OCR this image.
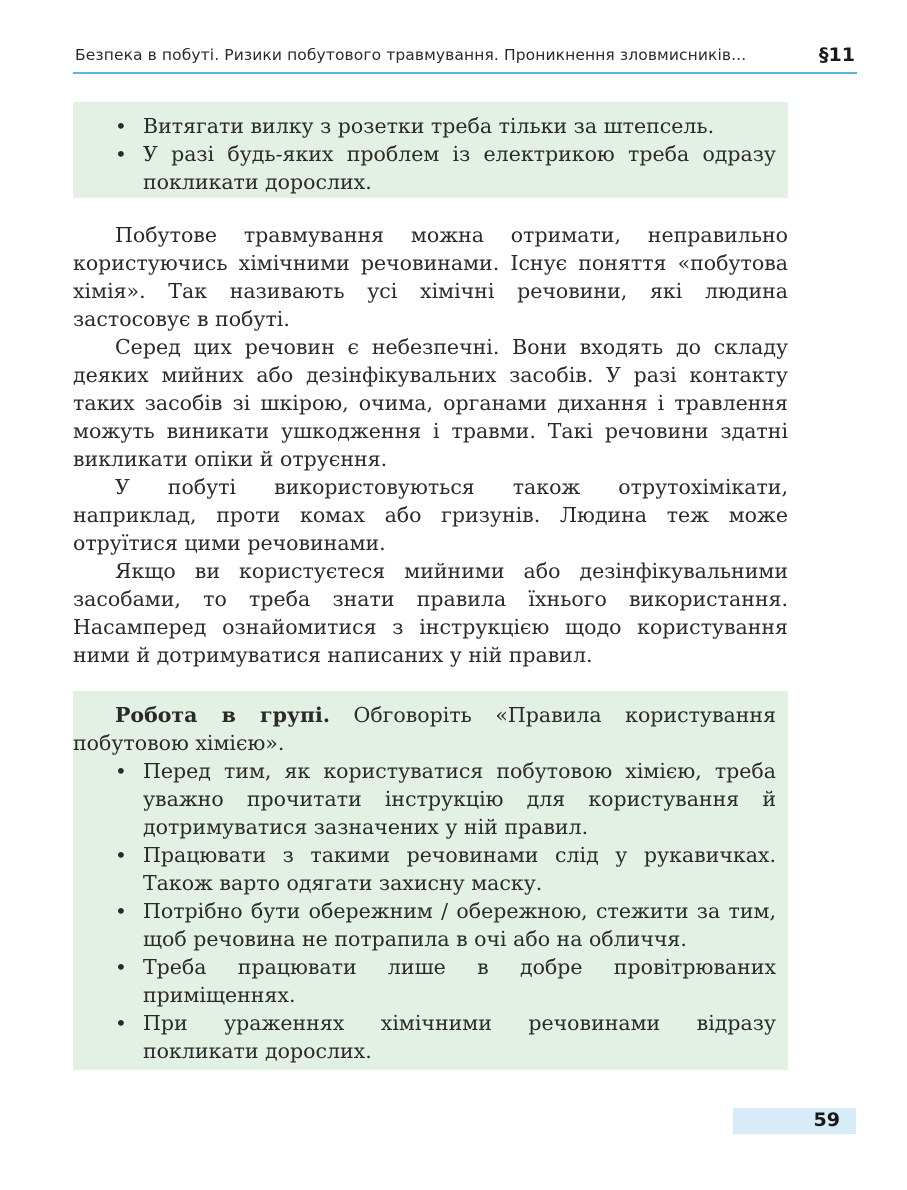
Безпека в побуті. Ризики побутового травмування. Проникнення зловмисників...	§11
• Витягати вилку з розетки треба тільки за штепсель.
• У разі будь-яких проблем із електрикою треба одразу покликати дорослих.

Побутове травмування можна отримати, неправильно користуючись хімічними речовинами. Існує поняття «побутова хімія». Так називають усі хімічні речовини, які людина застосовує в побуті.

Серед цих речовин є небезпечні. Вони входять до складу деяких мийних або дезінфікувальних засобів. У разі контакту таких засобів зі шкірою, очима, органами дихання і травлення можуть виникати ушкодження і травми. Такі речовини здатні викликати опіки й отруєння.

У побуті використовуються також отрутохімікати, наприклад, проти комах або гризунів. Людина теж може отруїтися цими речовинами.

Якщо ви користуєтеся мийними або дезінфікувальними засобами, то треба знати правила їхнього використання. Насамперед ознайомитися з інструкцією щодо користування ними й дотримуватися написаних у ній правил.

Робота в групі. Обговоріть «Правила користування побутовою хімією».

• Перед тим, як користуватися побутовою хімією, треба уважно прочитати інструкцію для користування й дотримуватися зазначених у ній правил.
• Працювати з такими речовинами слід у рукавичках. Також варто одягати захисну маску.
• Потрібно бути обережним / обережною, стежити за тим, щоб речовина не потрапила в очі або на обличчя.
• Треба працювати лише в добре провітрюваних приміщеннях.
• При ураженнях хімічними речовинами відразу покликати дорослих.
59
